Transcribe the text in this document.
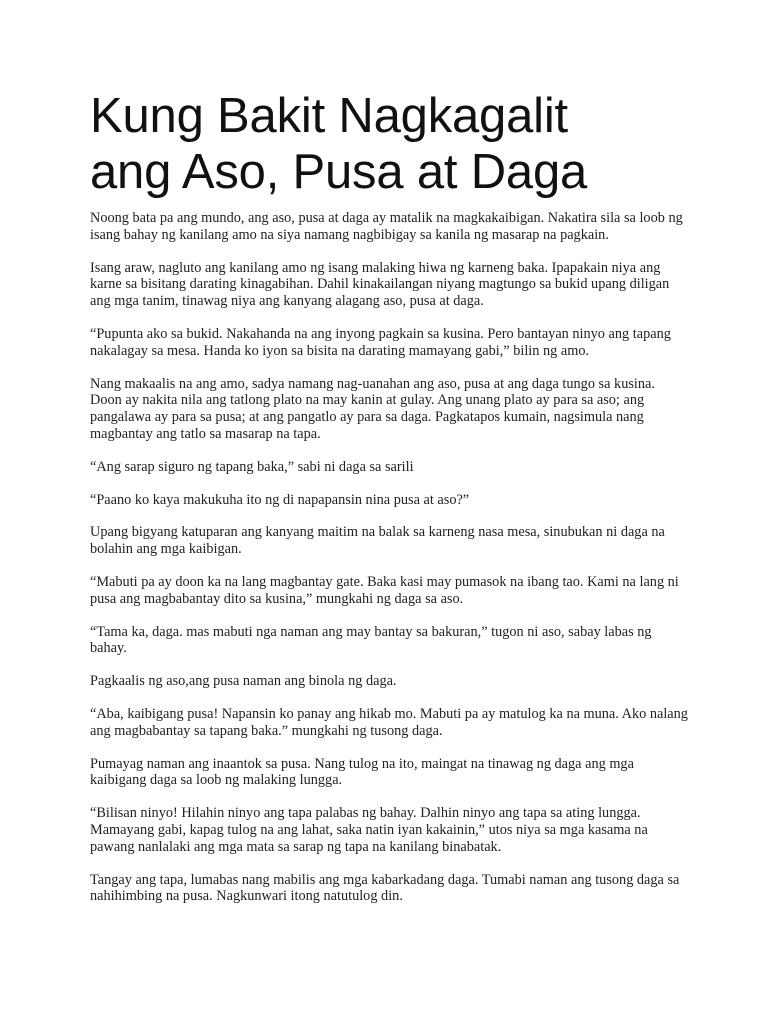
Kung Bakit Nagkagalit
ang Aso, Pusa at Daga

Noong bata pa ang mundo, ang aso, pusa at daga ay matalik na magkakaibigan. Nakatira sila sa loob ng isang bahay ng kanilang amo na siya namang nagbibigay sa kanila ng masarap na pagkain.

Isang araw, nagluto ang kanilang amo ng isang malaking hiwa ng karneng baka. Ipapakain niya ang karne sa bisitang darating kinagabihan. Dahil kinakailangan niyang magtungo sa bukid upang diligan ang mga tanim, tinawag niya ang kanyang alagang aso, pusa at daga.

“Pupunta ako sa bukid. Nakahanda na ang inyong pagkain sa kusina. Pero bantayan ninyo ang tapang nakalagay sa mesa. Handa ko iyon sa bisita na darating mamayang gabi,” bilin ng amo.

Nang makaalis na ang amo, sadya namang nag-uanahan ang aso, pusa at ang daga tungo sa kusina. Doon ay nakita nila ang tatlong plato na may kanin at gulay. Ang unang plato ay para sa aso; ang pangalawa ay para sa pusa; at ang pangatlo ay para sa daga. Pagkatapos kumain, nagsimula nang magbantay ang tatlo sa masarap na tapa.

“Ang sarap siguro ng tapang baka,” sabi ni daga sa sarili

“Paano ko kaya makukuha ito ng di napapansin nina pusa at aso?”

Upang bigyang katuparan ang kanyang maitim na balak sa karneng nasa mesa, sinubukan ni daga na bolahin ang mga kaibigan.

“Mabuti pa ay doon ka na lang magbantay gate. Baka kasi may pumasok na ibang tao. Kami na lang ni pusa ang magbabantay dito sa kusina,” mungkahi ng daga sa aso.

“Tama ka, daga. mas mabuti nga naman ang may bantay sa bakuran,” tugon ni aso, sabay labas ng bahay.

Pagkaalis ng aso,ang pusa naman ang binola ng daga.

“Aba, kaibigang pusa! Napansin ko panay ang hikab mo. Mabuti pa ay matulog ka na muna. Ako nalang ang magbabantay sa tapang baka.” mungkahi ng tusong daga.

Pumayag naman ang inaantok sa pusa. Nang tulog na ito, maingat na tinawag ng daga ang mga kaibigang daga sa loob ng malaking lungga.

“Bilisan ninyo! Hilahin ninyo ang tapa palabas ng bahay. Dalhin ninyo ang tapa sa ating lungga. Mamayang gabi, kapag tulog na ang lahat, saka natin iyan kakainin,” utos niya sa mga kasama na pawang nanlalaki ang mga mata sa sarap ng tapa na kanilang binabatak.

Tangay ang tapa, lumabas nang mabilis ang mga kabarkadang daga. Tumabi naman ang tusong daga sa nahihimbing na pusa. Nagkunwari itong natutulog din.
